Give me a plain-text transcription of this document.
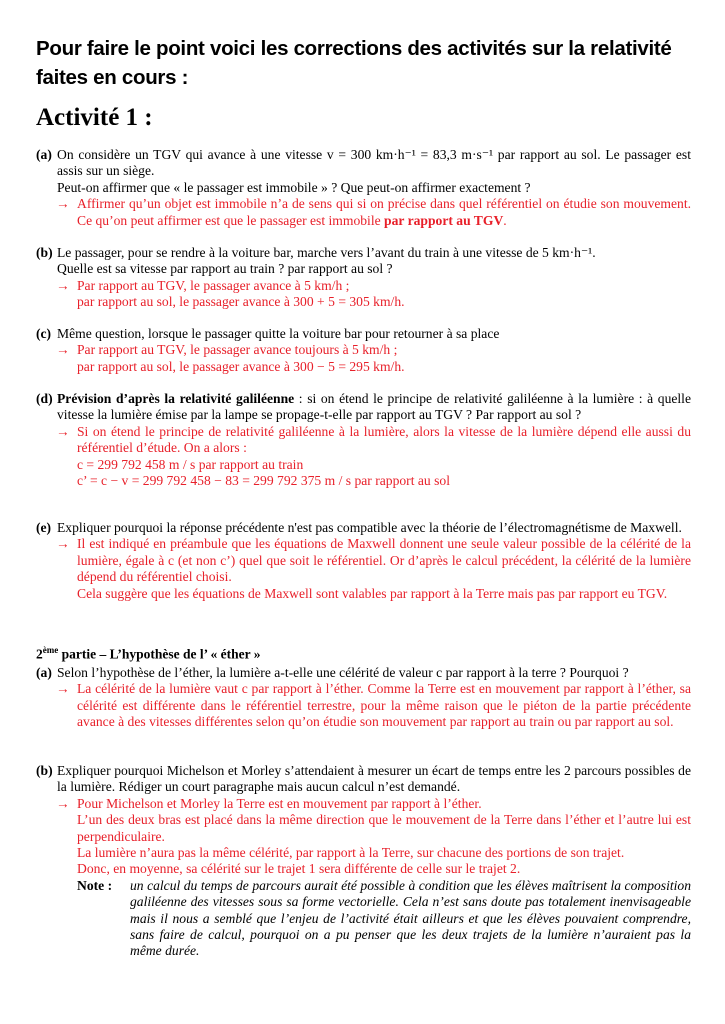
Pour faire le point voici les corrections des activités sur la relativité faites en cours :
Activité 1 :
(a) On considère un TGV qui avance à une vitesse v = 300 km·h⁻¹ = 83,3 m·s⁻¹ par rapport au sol. Le passager est assis sur un siège.
Peut-on affirmer que « le passager est immobile » ? Que peut-on affirmer exactement ?
→ Affirmer qu’un objet est immobile n’a de sens qui si on précise dans quel référentiel on étudie son mouvement. Ce qu’on peut affirmer est que le passager est immobile par rapport au TGV.
(b) Le passager, pour se rendre à la voiture bar, marche vers l’avant du train à une vitesse de 5 km·h⁻¹.
Quelle est sa vitesse par rapport au train ? par rapport au sol ?
→ Par rapport au TGV, le passager avance à 5 km/h ;
par rapport au sol, le passager avance à 300 + 5 = 305 km/h.
(c) Même question, lorsque le passager quitte la voiture bar pour retourner à sa place
→ Par rapport au TGV, le passager avance toujours à 5 km/h ;
par rapport au sol, le passager avance à 300 − 5 = 295 km/h.
(d) Prévision d’après la relativité galiléenne : si on étend le principe de relativité galiléenne à la lumière : à quelle vitesse la lumière émise par la lampe se propage-t-elle par rapport au TGV ? Par rapport au sol ?
→ Si on étend le principe de relativité galiléenne à la lumière, alors la vitesse de la lumière dépend elle aussi du référentiel d’étude. On a alors :
c = 299 792 458 m / s par rapport au train
c’ = c − v = 299 792 458 − 83 = 299 792 375 m / s par rapport au sol
(e) Expliquer pourquoi la réponse précédente n'est pas compatible avec la théorie de l’électromagnétisme de Maxwell.
→ Il est indiqué en préambule que les équations de Maxwell donnent une seule valeur possible de la célérité de la lumière, égale à c (et non c’) quel que soit le référentiel. Or d’après le calcul précédent, la célérité de la lumière dépend du référentiel choisi.
Cela suggère que les équations de Maxwell sont valables par rapport à la Terre mais pas par rapport eu TGV.
2ème partie – L’hypothèse de l’ « éther »
(a) Selon l’hypothèse de l’éther, la lumière a-t-elle une célérité de valeur c par rapport à la terre ? Pourquoi ?
→ La célérité de la lumière vaut c par rapport à l’éther. Comme la Terre est en mouvement par rapport à l’éther, sa célérité est différente dans le référentiel terrestre, pour la même raison que le piéton de la partie précédente avance à des vitesses différentes selon qu’on étudie son mouvement par rapport au train ou par rapport au sol.
(b) Expliquer pourquoi Michelson et Morley s’attendaient à mesurer un écart de temps entre les 2 parcours possibles de la lumière. Rédiger un court paragraphe mais aucun calcul n’est demandé.
→ Pour Michelson et Morley la Terre est en mouvement par rapport à l’éther.
L’un des deux bras est placé dans la même direction que le mouvement de la Terre dans l’éther et l’autre lui est perpendiculaire.
La lumière n’aura pas la même célérité, par rapport à la Terre, sur chacune des portions de son trajet.
Donc, en moyenne, sa célérité sur le trajet 1 sera différente de celle sur le trajet 2.
Note : un calcul du temps de parcours aurait été possible à condition que les élèves maîtrisent la composition galiléenne des vitesses sous sa forme vectorielle. Cela n’est sans doute pas totalement inenvisageable mais il nous a semblé que l’enjeu de l’activité était ailleurs et que les élèves pouvaient comprendre, sans faire de calcul, pourquoi on a pu penser que les deux trajets de la lumière n’auraient pas la même durée.
